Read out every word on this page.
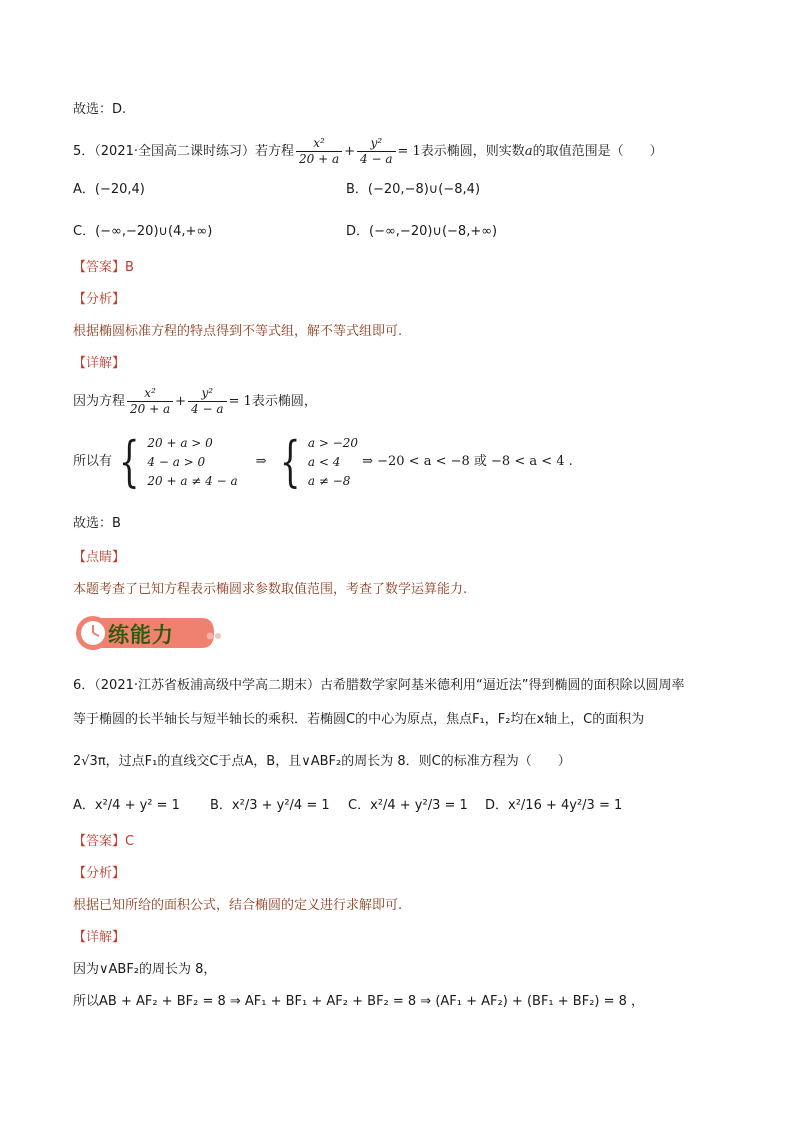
故选：D.
5．（2021·全国高二课时练习）若方程 $\frac{\text{x²}}{20 + a} + \frac{\text{y²}}{4 - a} = 1$表示椭圆，则实数a的取值范围是（　　）
A．(−20,4)	B．(−20,−8)∪(−8,4)
C．(−∞,−20)∪(4,+∞)	D．(−∞,−20)∪(−8,+∞)
【答案】B
【分析】
根据椭圆标准方程的特点得到不等式组，解不等式组即可.
【详解】
因为方程 $\frac{\text{x²}}{20 + a} + \frac{\text{y²}}{4 - a} = 1$表示椭圆，
所以有 { 20 + a > 0
4 − a > 0
20 + a ≠ 4 − a
⇒ { a > −20
a < 4
a ≠ −8
⇒ −20 < a < −8 或 −8 < a < 4 .
故选：B
【点睛】
本题考查了已知方程表示椭圆求参数取值范围，考查了数学运算能力.
练能力
6．（2021·江苏省板浦高级中学高二期末）古希腊数学家阿基米德利用“逼近法”得到椭圆的面积除以圆周率
等于椭圆的长半轴长与短半轴长的乘积．若椭圆C的中心为原点，焦点F₁，F₂均在x轴上，C的面积为
2√3π，过点F₁的直线交C于点A，B，且∨ABF₂的周长为 8．则C的标准方程为（　　）
A．x²/4 + y² = 1 B．x²/3 + y²/4 = 1 C．x²/4 + y²/3 = 1 D．x²/16 + 4y²/3 = 1
【答案】C
【分析】
根据已知所给的面积公式，结合椭圆的定义进行求解即可.
【详解】
因为∨ABF₂的周长为 8，
所以AB + AF₂ + BF₂ = 8 ⇒ AF₁ + BF₁ + AF₂ + BF₂ = 8 ⇒ (AF₁ + AF₂) + (BF₁ + BF₂) = 8 ，
